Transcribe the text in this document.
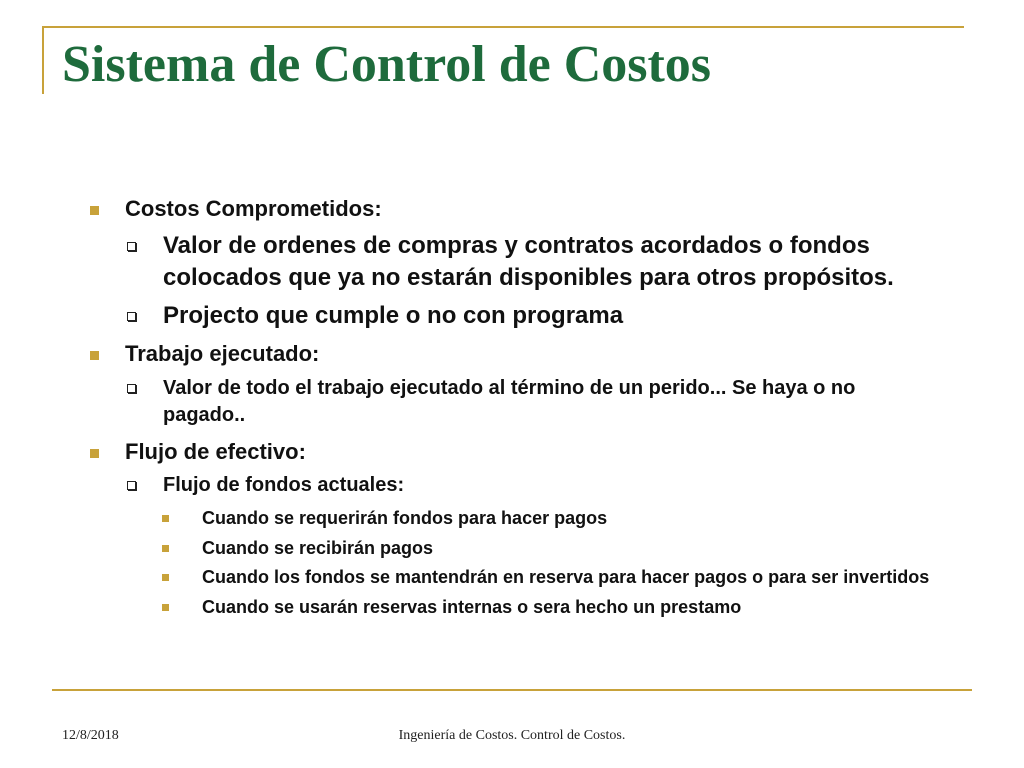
Sistema de Control de Costos
Costos Comprometidos:
Valor de ordenes de compras y contratos acordados o fondos colocados que ya no estarán disponibles para otros propósitos.
Projecto que cumple o no con programa
Trabajo ejecutado:
Valor de todo el trabajo ejecutado al término de un perido... Se haya o no pagado..
Flujo de efectivo:
Flujo de fondos actuales:
Cuando se requerirán fondos para hacer pagos
Cuando se recibirán pagos
Cuando los fondos se mantendrán en reserva para hacer pagos o para ser invertidos
Cuando se usarán reservas internas o sera hecho un prestamo
12/8/2018	Ingeniería de Costos. Control de Costos.
